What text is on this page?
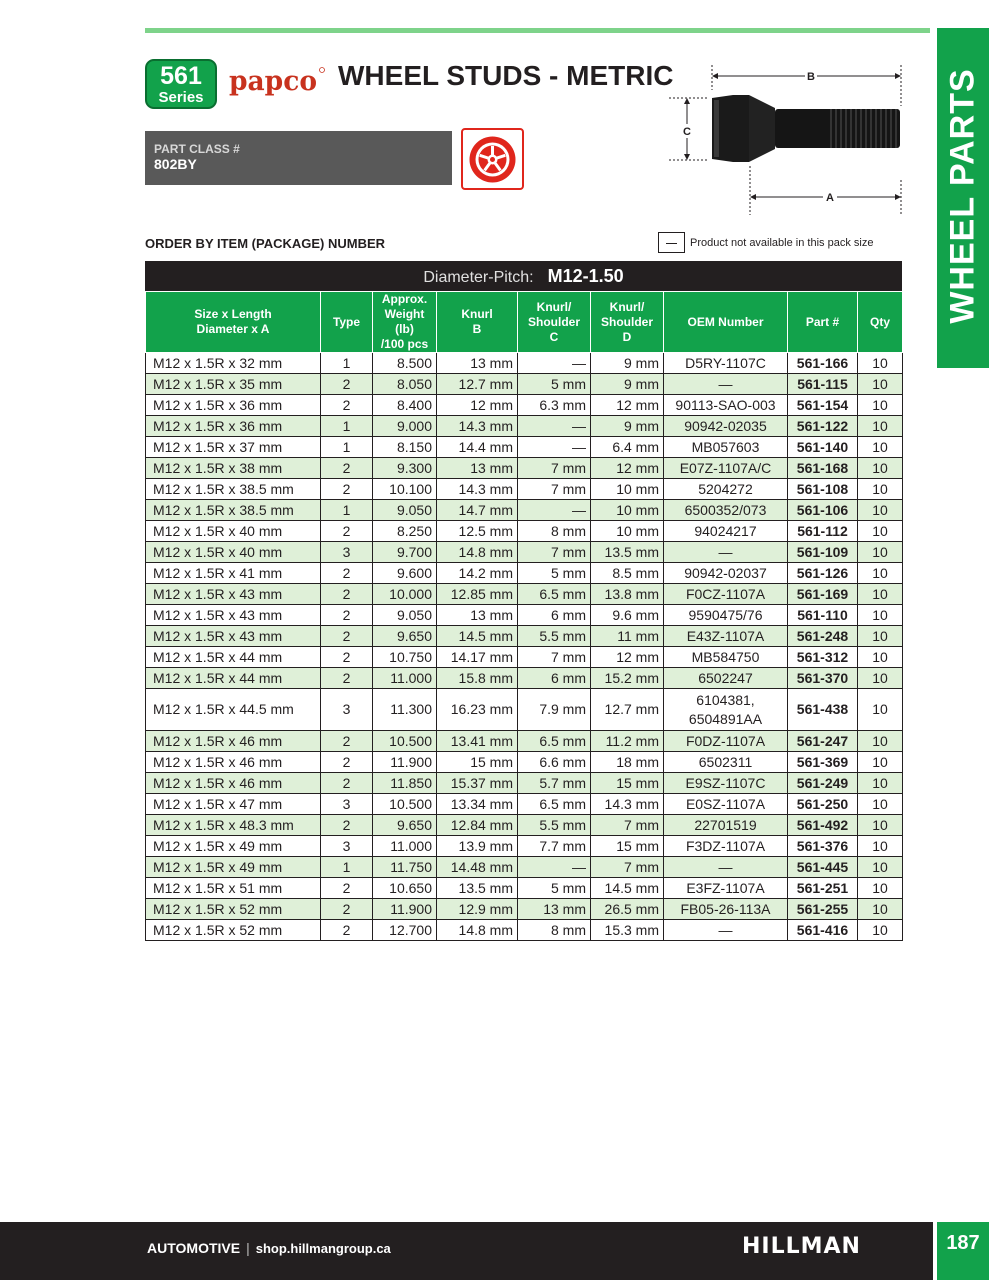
WHEEL PARTS
561
Series
papco WHEEL STUDS - METRIC
PART CLASS #
802BY
B
C
A
ORDER BY ITEM (PACKAGE) NUMBER	Product not available in this pack size
Diameter-Pitch: M12-1.50
Size x Length
Diameter x A	Type	Approx.
Weight (lb)
/100 pcs	Knurl
B	Knurl/
Shoulder
C	Knurl/
Shoulder
D	OEM Number	Part #	Qty
M12 x 1.5R x 32 mm	1	8.500	13 mm	—	9 mm	D5RY-1107C	561-166	10
M12 x 1.5R x 35 mm	2	8.050	12.7 mm	5 mm	9 mm	—	561-115	10
M12 x 1.5R x 36 mm	2	8.400	12 mm	6.3 mm	12 mm	90113-SAO-003	561-154	10
M12 x 1.5R x 36 mm	1	9.000	14.3 mm	—	9 mm	90942-02035	561-122	10
M12 x 1.5R x 37 mm	1	8.150	14.4 mm	—	6.4 mm	MB057603	561-140	10
M12 x 1.5R x 38 mm	2	9.300	13 mm	7 mm	12 mm	E07Z-1107A/C	561-168	10
M12 x 1.5R x 38.5 mm	2	10.100	14.3 mm	7 mm	10 mm	5204272	561-108	10
M12 x 1.5R x 38.5 mm	1	9.050	14.7 mm	—	10 mm	6500352/073	561-106	10
M12 x 1.5R x 40 mm	2	8.250	12.5 mm	8 mm	10 mm	94024217	561-112	10
M12 x 1.5R x 40 mm	3	9.700	14.8 mm	7 mm	13.5 mm	—	561-109	10
M12 x 1.5R x 41 mm	2	9.600	14.2 mm	5 mm	8.5 mm	90942-02037	561-126	10
M12 x 1.5R x 43 mm	2	10.000	12.85 mm	6.5 mm	13.8 mm	F0CZ-1107A	561-169	10
M12 x 1.5R x 43 mm	2	9.050	13 mm	6 mm	9.6 mm	9590475/76	561-110	10
M12 x 1.5R x 43 mm	2	9.650	14.5 mm	5.5 mm	11 mm	E43Z-1107A	561-248	10
M12 x 1.5R x 44 mm	2	10.750	14.17 mm	7 mm	12 mm	MB584750	561-312	10
M12 x 1.5R x 44 mm	2	11.000	15.8 mm	6 mm	15.2 mm	6502247	561-370	10
M12 x 1.5R x 44.5 mm	3	11.300	16.23 mm	7.9 mm	12.7 mm	6104381,
6504891AA	561-438	10
M12 x 1.5R x 46 mm	2	10.500	13.41 mm	6.5 mm	11.2 mm	F0DZ-1107A	561-247	10
M12 x 1.5R x 46 mm	2	11.900	15 mm	6.6 mm	18 mm	6502311	561-369	10
M12 x 1.5R x 46 mm	2	11.850	15.37 mm	5.7 mm	15 mm	E9SZ-1107C	561-249	10
M12 x 1.5R x 47 mm	3	10.500	13.34 mm	6.5 mm	14.3 mm	E0SZ-1107A	561-250	10
M12 x 1.5R x 48.3 mm	2	9.650	12.84 mm	5.5 mm	7 mm	22701519	561-492	10
M12 x 1.5R x 49 mm	3	11.000	13.9 mm	7.7 mm	15 mm	F3DZ-1107A	561-376	10
M12 x 1.5R x 49 mm	1	11.750	14.48 mm	—	7 mm	—	561-445	10
M12 x 1.5R x 51 mm	2	10.650	13.5 mm	5 mm	14.5 mm	E3FZ-1107A	561-251	10
M12 x 1.5R x 52 mm	2	11.900	12.9 mm	13 mm	26.5 mm	FB05-26-113A	561-255	10
M12 x 1.5R x 52 mm	2	12.700	14.8 mm	8 mm	15.3 mm	—	561-416	10
AUTOMOTIVE | shop.hillmangroup.ca	HILLMAN	187
